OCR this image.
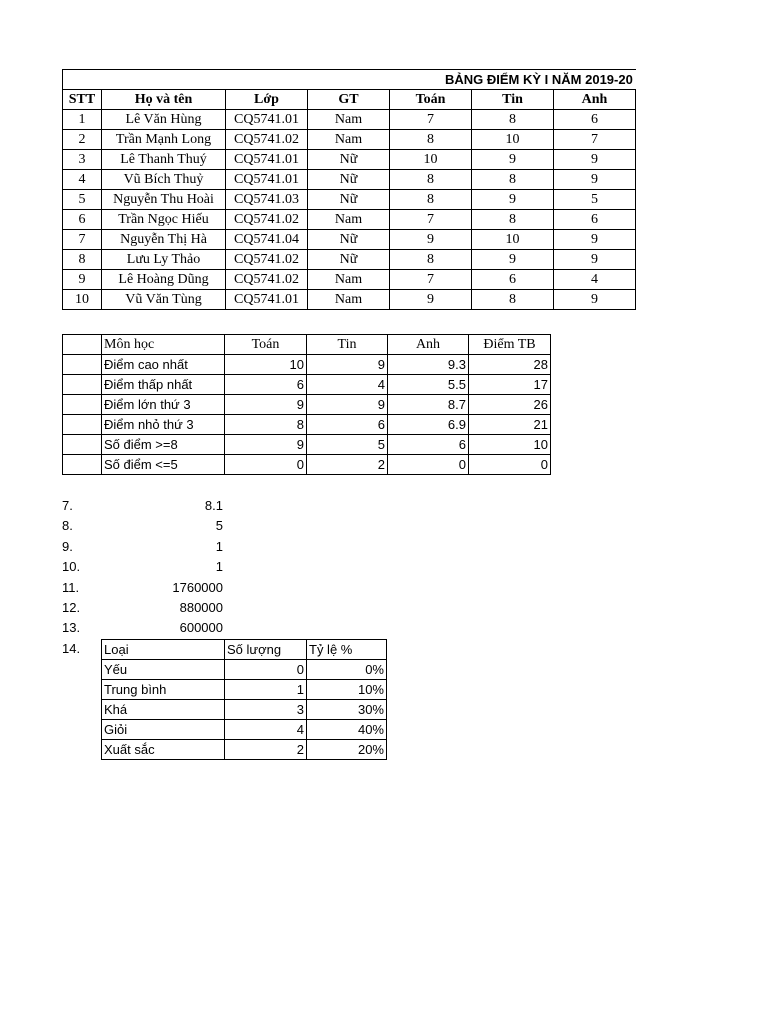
BẢNG ĐIỂM KỲ I NĂM 2019-20						
STT	Họ và tên	Lớp	GT	Toán	Tin	Anh
1	Lê Văn Hùng	CQ5741.01	Nam	7	8	6
2	Trần Mạnh Long	CQ5741.02	Nam	8	10	7
3	Lê Thanh Thuý	CQ5741.01	Nữ	10	9	9
4	Vũ Bích Thuỷ	CQ5741.01	Nữ	8	8	9
5	Nguyễn Thu Hoài	CQ5741.03	Nữ	8	9	5
6	Trần Ngọc Hiếu	CQ5741.02	Nam	7	8	6
7	Nguyễn Thị Hà	CQ5741.04	Nữ	9	10	9
8	Lưu Ly Thảo	CQ5741.02	Nữ	8	9	9
9	Lê Hoàng Dũng	CQ5741.02	Nam	7	6	4
10	Vũ Văn Tùng	CQ5741.01	Nam	9	8	9
	Môn học	Toán	Tin	Anh	Điểm TB
	Điểm cao nhất	10	9	9.3	28
	Điểm thấp nhất	6	4	5.5	17
	Điểm lớn thứ 3	9	9	8.7	26
	Điểm nhỏ thứ 3	8	6	6.9	21
	Số điểm >=8	9	5	6	10
	Số điểm <=5	0	2	0	0
7.	8.1
8.	5
9.	1
10.	1
11.	1760000
12.	880000
13.	600000
14.	Loại	Số lượng	Tỷ lệ %
Yếu	0	0%
Trung bình	1	10%
Khá	3	30%
Giỏi	4	40%
Xuất sắc	2	20%
